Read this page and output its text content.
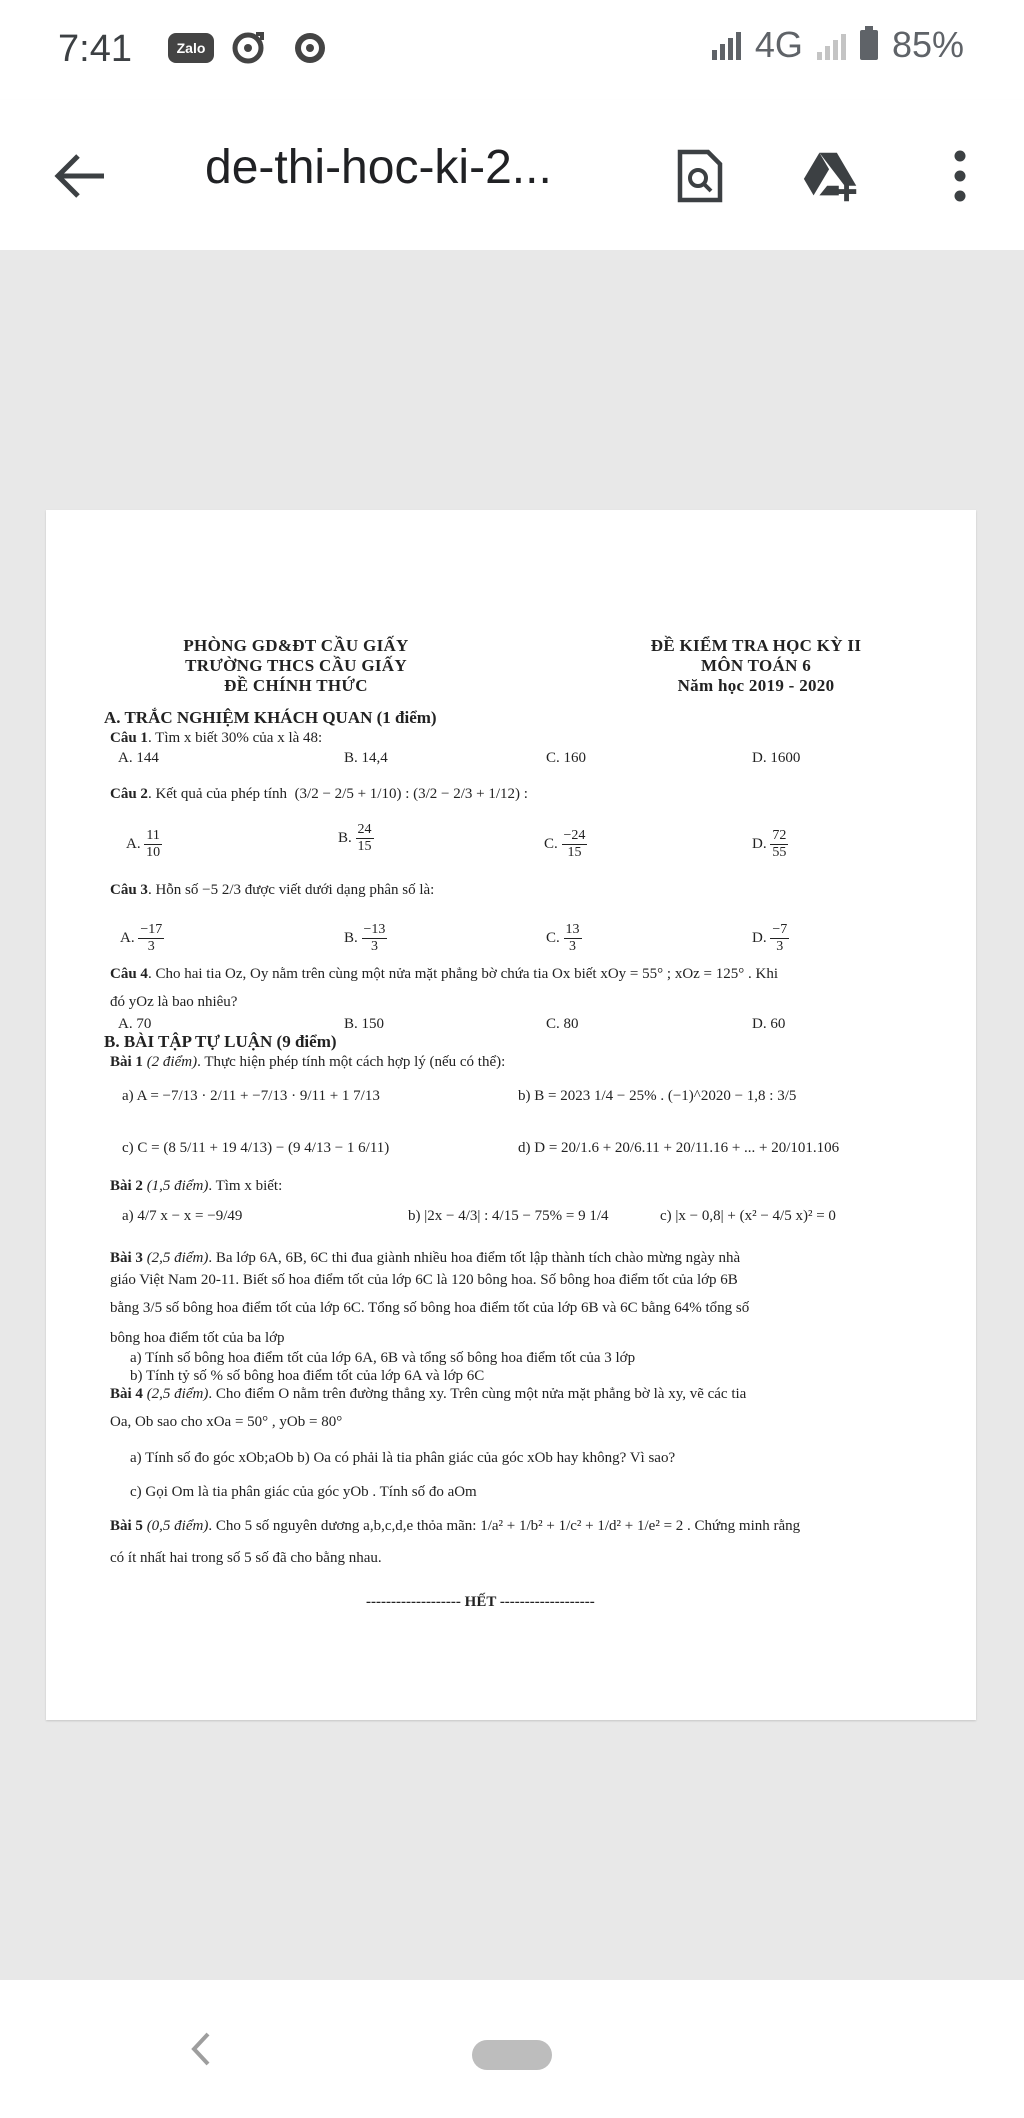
7:41	Zalo	4G 85%
de-thi-hoc-ki-2...
PHÒNG GD&ĐT CẦU GIẤY
TRƯỜNG THCS CẦU GIẤY
ĐỀ CHÍNH THỨC
ĐỀ KIỂM TRA HỌC KỲ II
MÔN TOÁN 6
Năm học 2019 - 2020
A. TRẮC NGHIỆM KHÁCH QUAN (1 điểm)
Câu 1. Tìm x biết 30% của x là 48:
A. 144	B. 14,4	C. 160	D. 1600
Câu 2. Kết quả của phép tính (3/2 − 2/5 + 1/10) : (3/2 − 2/3 + 1/12) :
A. $\frac{11}{10}$	B. $\frac{24}{15}$	C. $\frac{-24}{15}$	D. $\frac{72}{55}$
Câu 3. Hỗn số −5 2/3 được viết dưới dạng phân số là:
A. $\frac{-17}{3}$	B. $\frac{-13}{3}$	C. $\frac{13}{3}$	D. $\frac{-7}{3}$
Câu 4. Cho hai tia Oz, Oy nằm trên cùng một nửa mặt phẳng bờ chứa tia Ox biết xOy = 55° ; xOz = 125° . Khi
đó yOz là bao nhiêu?
A. 70	B. 150	C. 80	D. 60
B. BÀI TẬP TỰ LUẬN (9 điểm)
Bài 1 (2 điểm). Thực hiện phép tính một cách hợp lý (nếu có thể):
a) A = −7/13 · 2/11 + −7/13 · 9/11 + 1 7/13	b) B = 2023 1/4 − 25% . (−1)^2020 − 1,8 : 3/5
c) C = (8 5/11 + 19 4/13) − (9 4/13 − 1 6/11)	d) D = 20/1.6 + 20/6.11 + 20/11.16 + ... + 20/101.106
Bài 2 (1,5 điểm). Tìm x biết:
a) 4/7 x − x = −9/49	b) |2x − 4/3| : 4/15 − 75% = 9 1/4	c) |x − 0,8| + (x² − 4/5 x)² = 0
Bài 3 (2,5 điểm). Ba lớp 6A, 6B, 6C thi đua giành nhiều hoa điểm tốt lập thành tích chào mừng ngày nhà
giáo Việt Nam 20-11. Biết số hoa điểm tốt của lớp 6C là 120 bông hoa. Số bông hoa điểm tốt của lớp 6B
bằng 3/5 số bông hoa điểm tốt của lớp 6C. Tổng số bông hoa điểm tốt của lớp 6B và 6C bằng 64% tổng số
bông hoa điểm tốt của ba lớp
a) Tính số bông hoa điểm tốt của lớp 6A, 6B và tổng số bông hoa điểm tốt của 3 lớp
b) Tính tỷ số % số bông hoa điểm tốt của lớp 6A và lớp 6C
Bài 4 (2,5 điểm). Cho điểm O nằm trên đường thẳng xy. Trên cùng một nửa mặt phẳng bờ là xy, vẽ các tia
Oa, Ob sao cho xOa = 50° , yOb = 80°
a) Tính số đo góc xOb;aOb b) Oa có phải là tia phân giác của góc xOb hay không? Vì sao?
c) Gọi Om là tia phân giác của góc yOb . Tính số đo aOm
Bài 5 (0,5 điểm). Cho 5 số nguyên dương a,b,c,d,e thỏa mãn: 1/a² + 1/b² + 1/c² + 1/d² + 1/e² = 2 . Chứng minh rằng
có ít nhất hai trong số 5 số đã cho bằng nhau.
------------------- HẾT -------------------
